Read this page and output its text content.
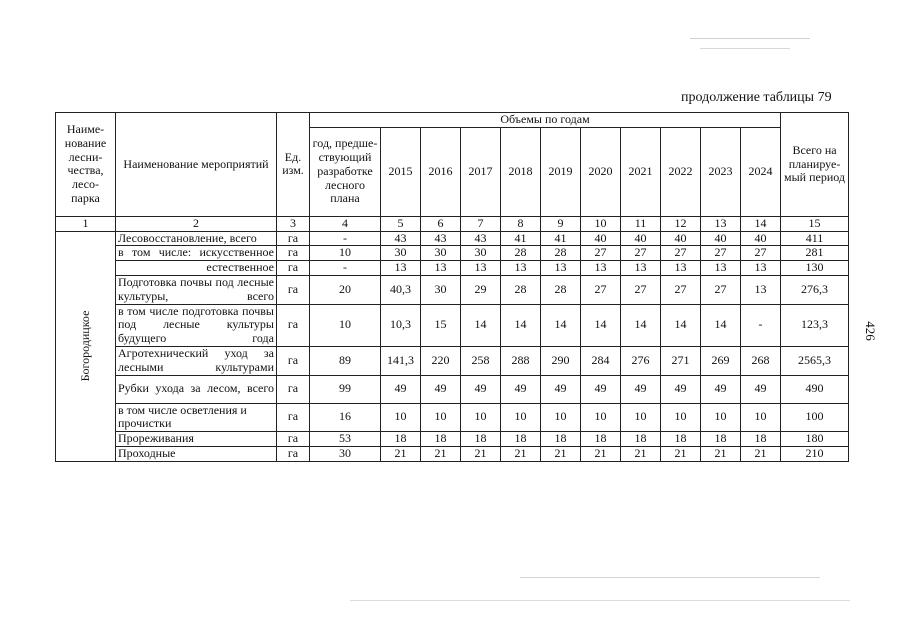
продолжение таблицы 79
426
Наиме-нование лесни-чества, лесо-парка	Наименование мероприятий	Ед. изм.	Объемы по годам											Всего на планируе-мый период
			год, предше-ствующий разработке лесного плана	2015	2016	2017	2018	2019	2020	2021	2022	2023	2024	
1	2	3	4	5	6	7	8	9	10	11	12	13	14	15

Богородицкое	Лесовосстановление, всего	га	-	43	43	43	41	41	40	40	40	40	40	411
	в том числе: искусственное	га	10	30	30	30	28	28	27	27	27	27	27	281
	естественное	га	-	13	13	13	13	13	13	13	13	13	13	130
	Подготовка почвы под лесные культуры, всего	га	20	40,3	30	29	28	28	27	27	27	27	13	276,3
	в том числе подготовка почвы под лесные культуры будущего года	га	10	10,3	15	14	14	14	14	14	14	14	-	123,3
	Агротехнический уход за лесными культурами	га	89	141,3	220	258	288	290	284	276	271	269	268	2565,3
	Рубки ухода за лесом, всего	га	99	49	49	49	49	49	49	49	49	49	49	490
	в том числе осветления и прочистки	га	16	10	10	10	10	10	10	10	10	10	10	100
	Прореживания	га	53	18	18	18	18	18	18	18	18	18	18	180
	Проходные	га	30	21	21	21	21	21	21	21	21	21	21	210
